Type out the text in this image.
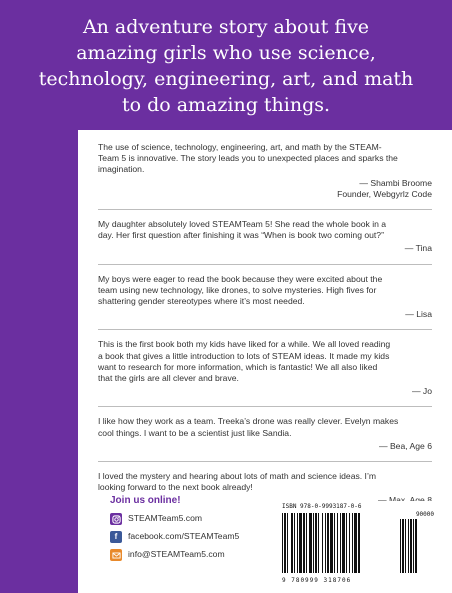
An adventure story about five
amazing girls who use science,
technology, engineering, art, and math
to do amazing things.

The use of science, technology, engineering, art, and math by the STEAM-

Team 5 is innovative. The story leads you to unexpected places and sparks the

imagination.

— Shambi Broome
Founder, Webgyrlz Code

My daughter absolutely loved STEAMTeam 5! She read the whole book in a

day. Her first question after finishing it was “When is book two coming out?”

— Tina

My boys were eager to read the book because they were excited about the

team using new technology, like drones, to solve mysteries. High fives for

shattering gender stereotypes where it’s most needed.

— Lisa

This is the first book both my kids have liked for a while. We all loved reading

a book that gives a little introduction to lots of STEAM ideas. It made my kids

want to research for more information, which is fantastic! We all also liked

that the girls are all clever and brave.

— Jo

I like how they work as a team. Treeka’s drone was really clever. Evelyn makes

cool things. I want to be a scientist just like Sandia.

— Bea, Age 6

I loved the mystery and hearing about lots of math and science ideas. I’m

looking forward to the next book already!

Join us online!
STEAMTeam5.com
f	facebook.com/STEAMTeam5
info@STEAMTeam5.com
ISBN 978-0-9993187-0-6
90000
9 780999 318706
